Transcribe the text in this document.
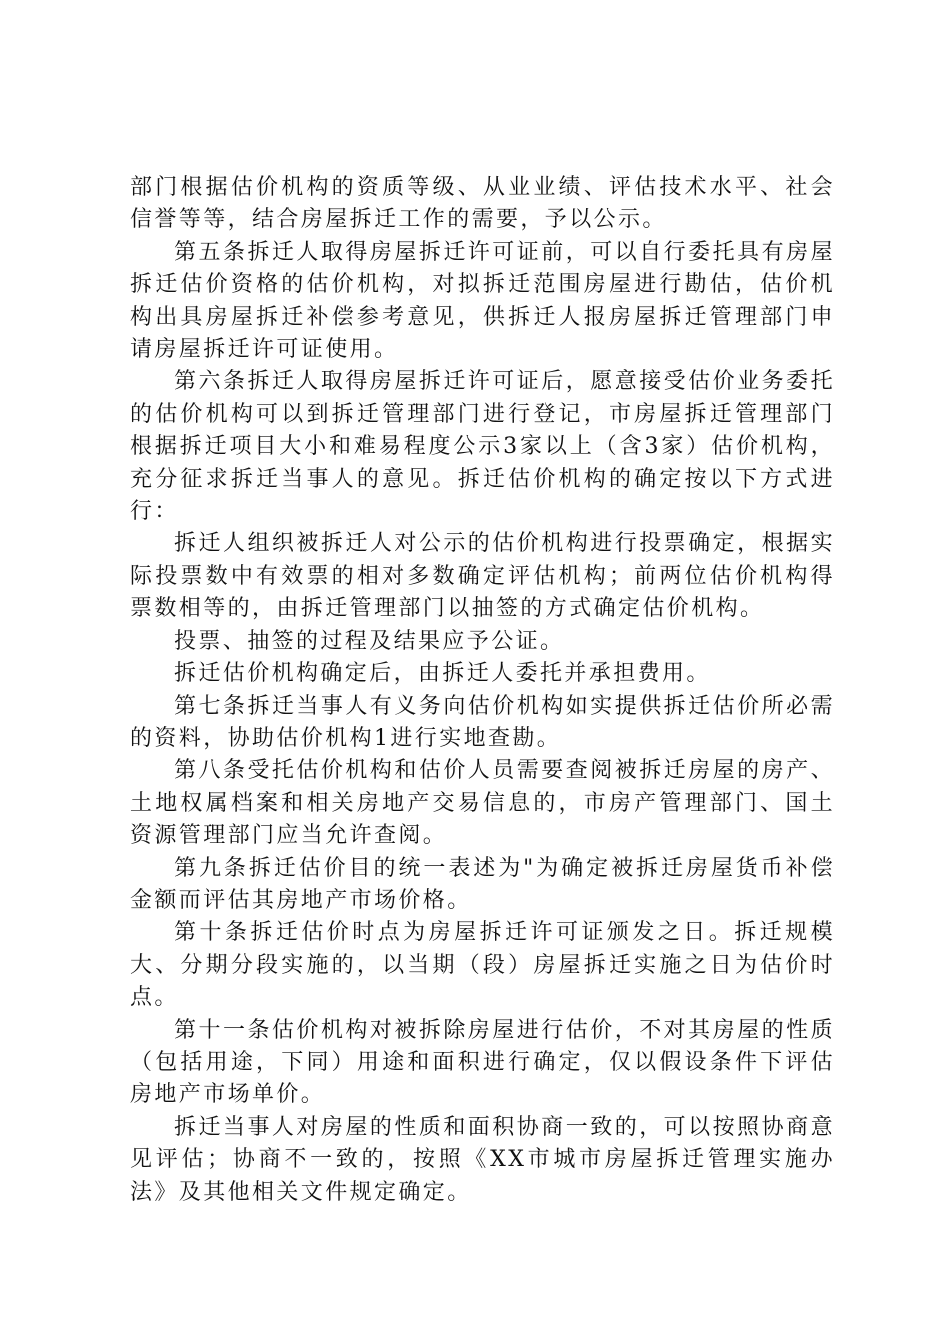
部门根据估价机构的资质等级、从业业绩、评估技术水平、社会信誉等等，结合房屋拆迁工作的需要，予以公示。

第五条拆迁人取得房屋拆迁许可证前，可以自行委托具有房屋拆迁估价资格的估价机构，对拟拆迁范围房屋进行勘估，估价机构出具房屋拆迁补偿参考意见，供拆迁人报房屋拆迁管理部门申请房屋拆迁许可证使用。

第六条拆迁人取得房屋拆迁许可证后，愿意接受估价业务委托的估价机构可以到拆迁管理部门进行登记，市房屋拆迁管理部门根据拆迁项目大小和难易程度公示3家以上（含3家）估价机构，充分征求拆迁当事人的意见。拆迁估价机构的确定按以下方式进行：

拆迁人组织被拆迁人对公示的估价机构进行投票确定，根据实际投票数中有效票的相对多数确定评估机构；前两位估价机构得票数相等的，由拆迁管理部门以抽签的方式确定估价机构。

投票、抽签的过程及结果应予公证。

拆迁估价机构确定后，由拆迁人委托并承担费用。

第七条拆迁当事人有义务向估价机构如实提供拆迁估价所必需的资料，协助估价机构1进行实地查勘。

第八条受托估价机构和估价人员需要查阅被拆迁房屋的房产、土地权属档案和相关房地产交易信息的，市房产管理部门、国土资源管理部门应当允许查阅。

第九条拆迁估价目的统一表述为"为确定被拆迁房屋货币补偿金额而评估其房地产市场价格。

第十条拆迁估价时点为房屋拆迁许可证颁发之日。拆迁规模大、分期分段实施的，以当期（段）房屋拆迁实施之日为估价时点。

第十一条估价机构对被拆除房屋进行估价，不对其房屋的性质（包括用途，下同）用途和面积进行确定，仅以假设条件下评估房地产市场单价。

拆迁当事人对房屋的性质和面积协商一致的，可以按照协商意见评估；协商不一致的，按照《XX市城市房屋拆迁管理实施办法》及其他相关文件规定确定。
